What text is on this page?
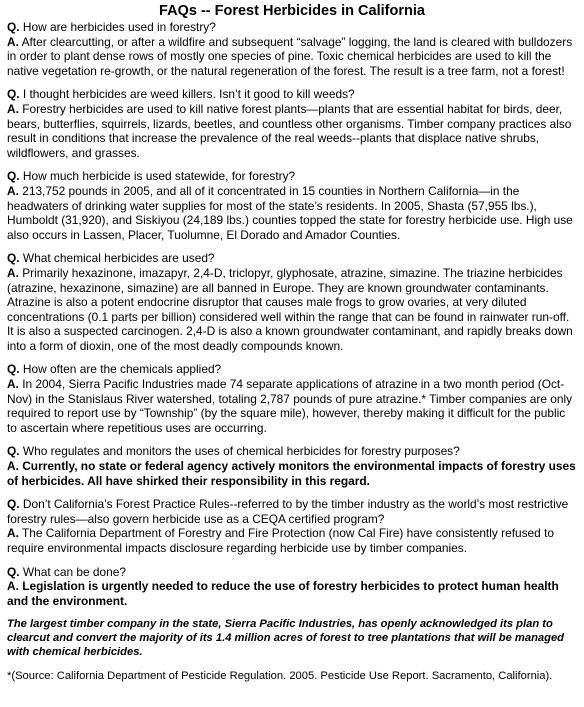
FAQs -- Forest Herbicides in California
Q. How are herbicides used in forestry?
A. After clearcutting, or after a wildfire and subsequent “salvage” logging, the land is cleared with bulldozers in order to plant dense rows of mostly one species of pine. Toxic chemical herbicides are used to kill the native vegetation re-growth, or the natural regeneration of the forest. The result is a tree farm, not a forest!
Q. I thought herbicides are weed killers. Isn’t it good to kill weeds?
A. Forestry herbicides are used to kill native forest plants—plants that are essential habitat for birds, deer, bears, butterflies, squirrels, lizards, beetles, and countless other organisms. Timber company practices also result in conditions that increase the prevalence of the real weeds--plants that displace native shrubs, wildflowers, and grasses.
Q. How much herbicide is used statewide, for forestry?
A. 213,752 pounds in 2005, and all of it concentrated in 15 counties in Northern California—in the headwaters of drinking water supplies for most of the state’s residents. In 2005, Shasta (57,955 lbs.), Humboldt (31,920), and Siskiyou (24,189 lbs.) counties topped the state for forestry herbicide use. High use also occurs in Lassen, Placer, Tuolumne, El Dorado and Amador Counties.
Q. What chemical herbicides are used?
A. Primarily hexazinone, imazapyr, 2,4-D, triclopyr, glyphosate, atrazine, simazine. The triazine herbicides (atrazine, hexazinone, simazine) are all banned in Europe. They are known groundwater contaminants. Atrazine is also a potent endocrine disruptor that causes male frogs to grow ovaries, at very diluted concentrations (0.1 parts per billion) considered well within the range that can be found in rainwater run-off. It is also a suspected carcinogen. 2,4-D is also a known groundwater contaminant, and rapidly breaks down into a form of dioxin, one of the most deadly compounds known.
Q. How often are the chemicals applied?
A. In 2004, Sierra Pacific Industries made 74 separate applications of atrazine in a two month period (Oct-Nov) in the Stanislaus River watershed, totaling 2,787 pounds of pure atrazine.* Timber companies are only required to report use by “Township” (by the square mile), however, thereby making it difficult for the public to ascertain where repetitious uses are occurring.
Q. Who regulates and monitors the uses of chemical herbicides for forestry purposes?
A. Currently, no state or federal agency actively monitors the environmental impacts of forestry uses of herbicides. All have shirked their responsibility in this regard.
Q. Don’t California’s Forest Practice Rules--referred to by the timber industry as the world’s most restrictive forestry rules—also govern herbicide use as a CEQA certified program?
A. The California Department of Forestry and Fire Protection (now Cal Fire) have consistently refused to require environmental impacts disclosure regarding herbicide use by timber companies.
Q. What can be done?
A. Legislation is urgently needed to reduce the use of forestry herbicides to protect human health and the environment.
The largest timber company in the state, Sierra Pacific Industries, has openly acknowledged its plan to clearcut and convert the majority of its 1.4 million acres of forest to tree plantations that will be managed with chemical herbicides.
*(Source: California Department of Pesticide Regulation. 2005. Pesticide Use Report. Sacramento, California).
